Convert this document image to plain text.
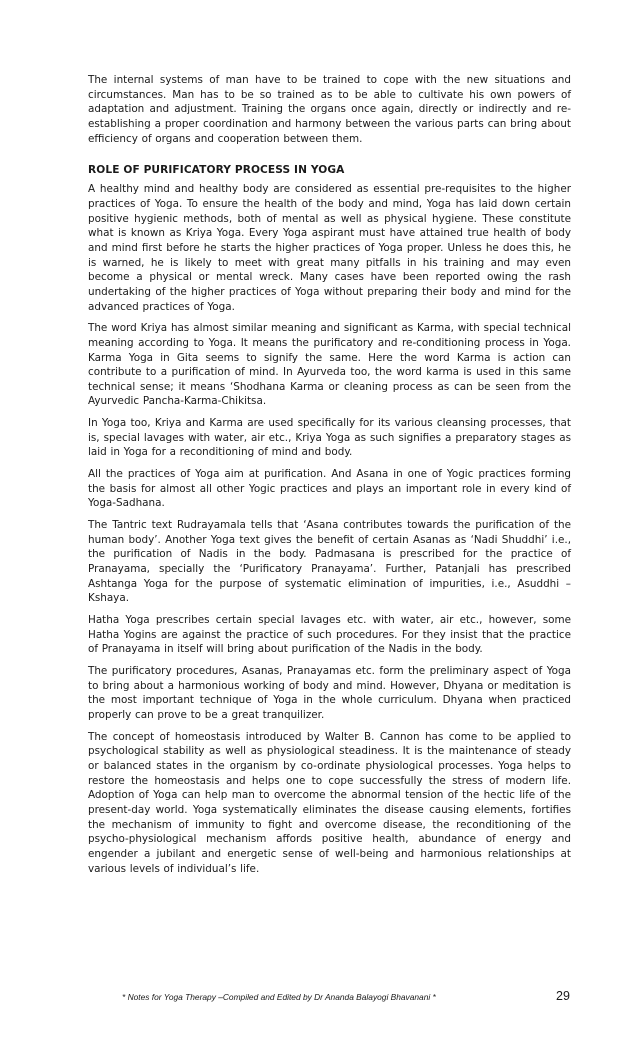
The internal systems of man have to be trained to cope with the new situations and circumstances. Man has to be so trained as to be able to cultivate his own powers of adaptation and adjustment. Training the organs once again, directly or indirectly and re-establishing a proper coordination and harmony between the various parts can bring about efficiency of organs and cooperation between them.

ROLE OF PURIFICATORY PROCESS IN YOGA

A healthy mind and healthy body are considered as essential pre-requisites to the higher practices of Yoga. To ensure the health of the body and mind, Yoga has laid down certain positive hygienic methods, both of mental as well as physical hygiene. These constitute what is known as Kriya Yoga. Every Yoga aspirant must have attained true health of body and mind first before he starts the higher practices of Yoga proper. Unless he does this, he is warned, he is likely to meet with great many pitfalls in his training and may even become a physical or mental wreck. Many cases have been reported owing the rash undertaking of the higher practices of Yoga without preparing their body and mind for the advanced practices of Yoga.

The word Kriya has almost similar meaning and significant as Karma, with special technical meaning according to Yoga. It means the purificatory and re-conditioning process in Yoga. Karma Yoga in Gita seems to signify the same. Here the word Karma is action can contribute to a purification of mind. In Ayurveda too, the word karma is used in this same technical sense; it means ‘Shodhana Karma or cleaning process as can be seen from the Ayurvedic Pancha-Karma-Chikitsa.

In Yoga too, Kriya and Karma are used specifically for its various cleansing processes, that is, special lavages with water, air etc., Kriya Yoga as such signifies a preparatory stages as laid in Yoga for a reconditioning of mind and body.

All the practices of Yoga aim at purification. And Asana in one of Yogic practices forming the basis for almost all other Yogic practices and plays an important role in every kind of Yoga-Sadhana.

The Tantric text Rudrayamala tells that ‘Asana contributes towards the purification of the human body’. Another Yoga text gives the benefit of certain Asanas as ‘Nadi Shuddhi’ i.e., the purification of Nadis in the body. Padmasana is prescribed for the practice of Pranayama, specially the ‘Purificatory Pranayama’. Further, Patanjali has prescribed Ashtanga Yoga for the purpose of systematic elimination of impurities, i.e., Asuddhi – Kshaya.

Hatha Yoga prescribes certain special lavages etc. with water, air etc., however, some Hatha Yogins are against the practice of such procedures. For they insist that the practice of Pranayama in itself will bring about purification of the Nadis in the body.

The purificatory procedures, Asanas, Pranayamas etc. form the preliminary aspect of Yoga to bring about a harmonious working of body and mind. However, Dhyana or meditation is the most important technique of Yoga in the whole curriculum. Dhyana when practiced properly can prove to be a great tranquilizer.

The concept of homeostasis introduced by Walter B. Cannon has come to be applied to psychological stability as well as physiological steadiness. It is the maintenance of steady or balanced states in the organism by co-ordinate physiological processes. Yoga helps to restore the homeostasis and helps one to cope successfully the stress of modern life. Adoption of Yoga can help man to overcome the abnormal tension of the hectic life of the present-day world. Yoga systematically eliminates the disease causing elements, fortifies the mechanism of immunity to fight and overcome disease, the reconditioning of the psycho-physiological mechanism affords positive health, abundance of energy and engender a jubilant and energetic sense of well-being and harmonious relationships at various levels of individual’s life.

* Notes for Yoga Therapy –Compiled and Edited by Dr Ananda Balayogi Bhavanani *	29
